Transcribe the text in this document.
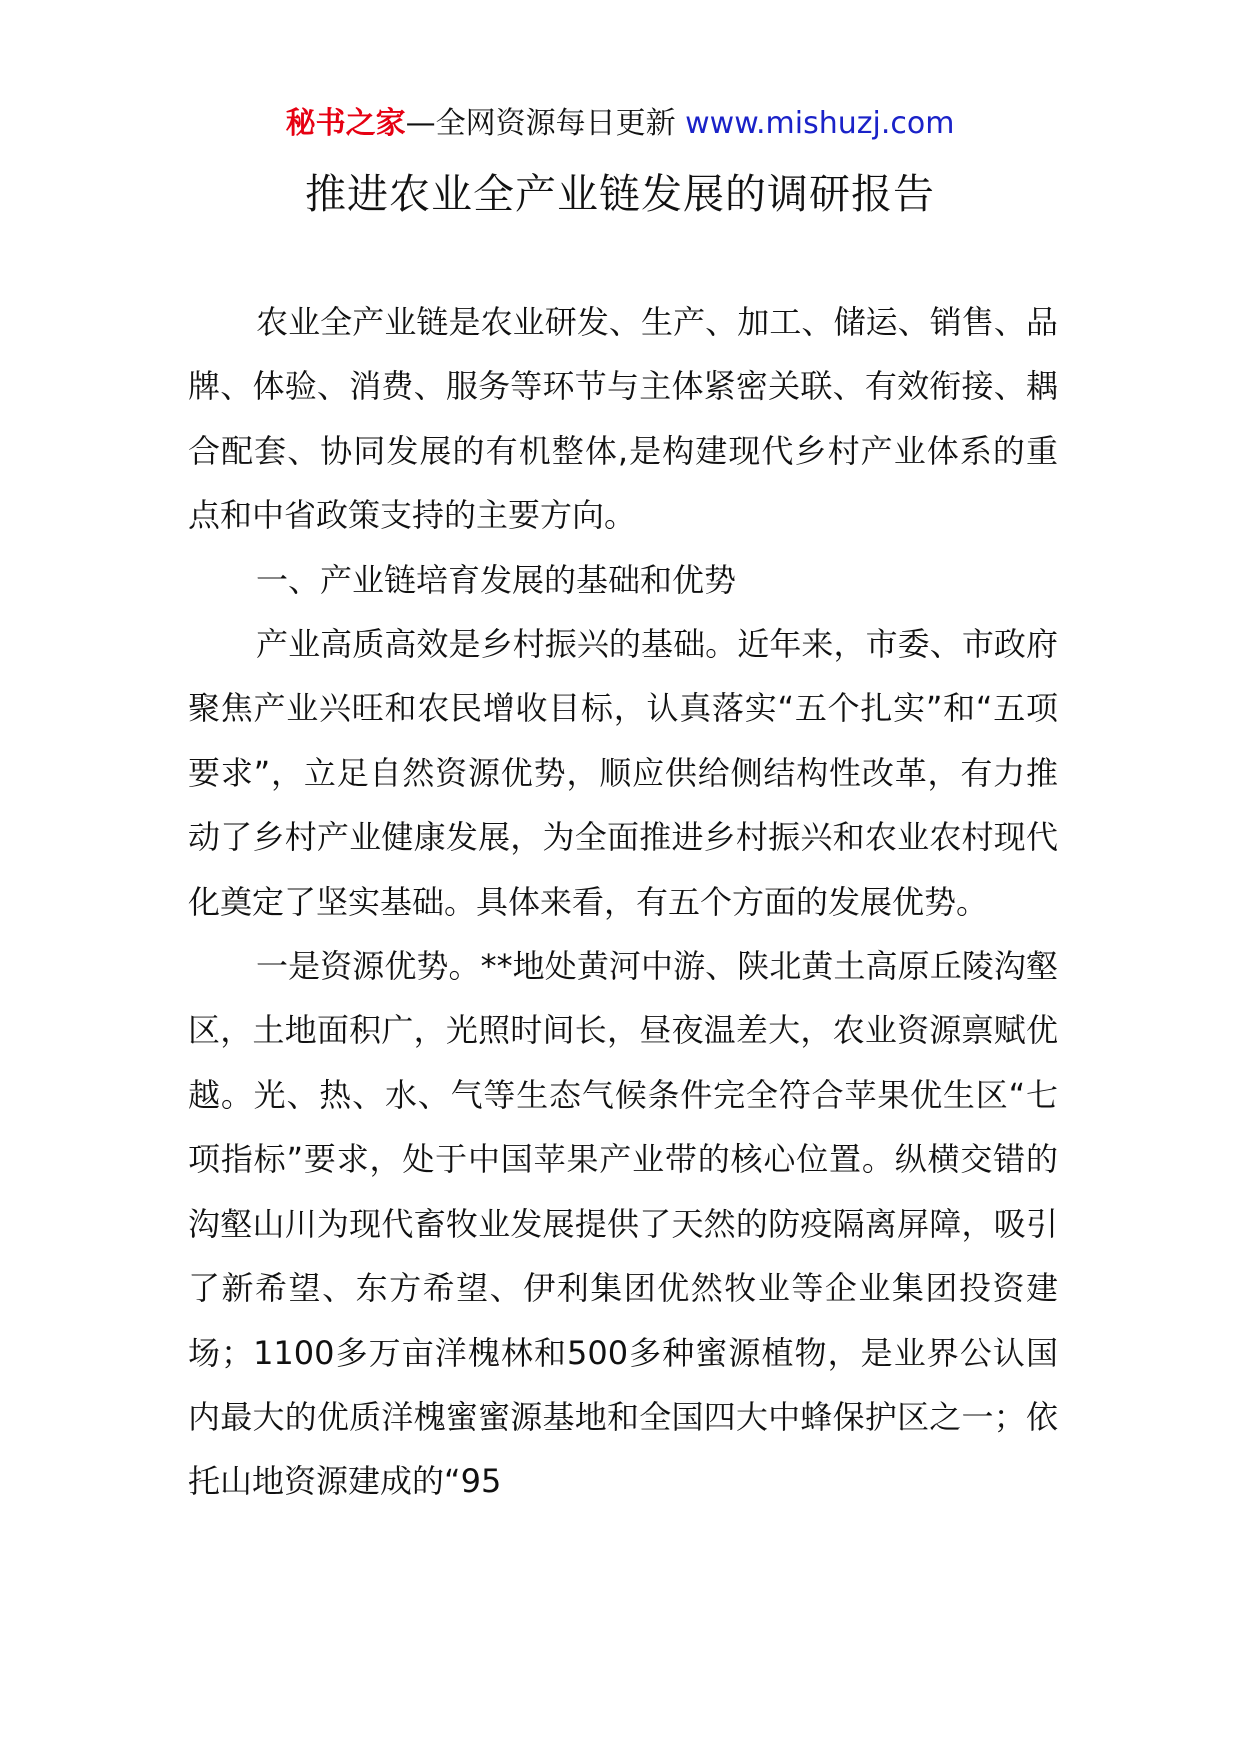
秘书之家—全网资源每日更新 www.mishuzj.com
推进农业全产业链发展的调研报告

农业全产业链是农业研发、生产、加工、储运、销售、品牌、体验、消费、服务等环节与主体紧密关联、有效衔接、耦合配套、协同发展的有机整体,是构建现代乡村产业体系的重点和中省政策支持的主要方向。

一、产业链培育发展的基础和优势

产业高质高效是乡村振兴的基础。近年来，市委、市政府聚焦产业兴旺和农民增收目标，认真落实“五个扎实”和“五项要求”，立足自然资源优势，顺应供给侧结构性改革，有力推动了乡村产业健康发展，为全面推进乡村振兴和农业农村现代化奠定了坚实基础。具体来看，有五个方面的发展优势。

一是资源优势。**地处黄河中游、陕北黄土高原丘陵沟壑区，土地面积广，光照时间长，昼夜温差大，农业资源禀赋优越。光、热、水、气等生态气候条件完全符合苹果优生区“七项指标”要求，处于中国苹果产业带的核心位置。纵横交错的沟壑山川为现代畜牧业发展提供了天然的防疫隔离屏障，吸引了新希望、东方希望、伊利集团优然牧业等企业集团投资建场；1100多万亩洋槐林和500多种蜜源植物，是业界公认国内最大的优质洋槐蜜蜜源基地和全国四大中蜂保护区之一；依托山地资源建成的“95
